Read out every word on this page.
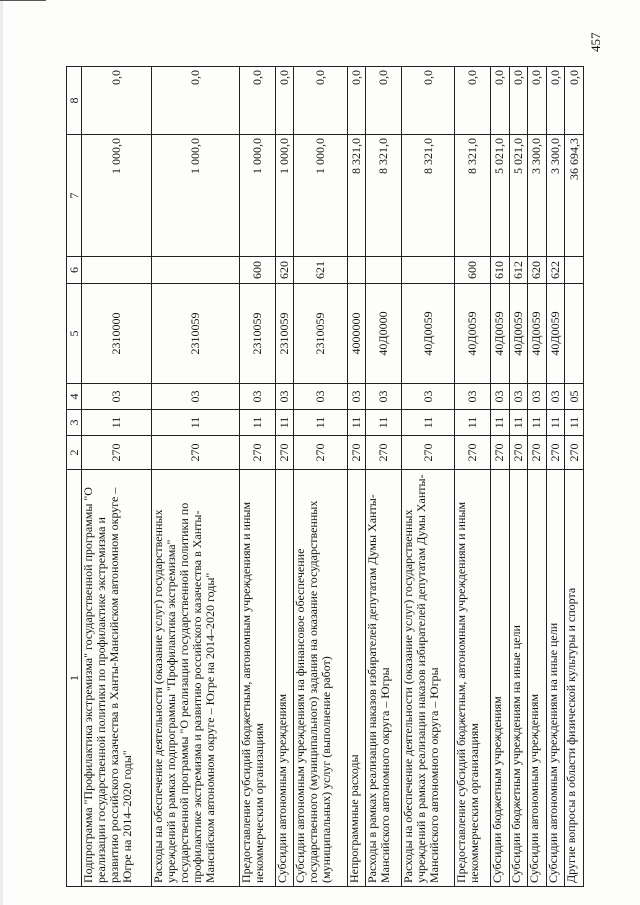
457
1	2	3	4	5	6	7	8
Подпрограмма "Профилактика экстремизма" государственной программы "О реализации государственной политики по профилактике экстремизма и развитию российского казачества в Ханты-Мансийском автономном округе – Югре на 2014–2020 годы"	270	11	03	2310000		1 000,0	0,0
Расходы на обеспечение деятельности (оказание услуг) государственных учреждений в рамках подпрограммы "Профилактика экстремизма" государственной программы "О реализации государственной политики по профилактике экстремизма и развитию российского казачества в Ханты-Мансийском автономном округе – Югре на 2014–2020 годы"	270	11	03	2310059		1 000,0	0,0
Предоставление субсидий бюджетным, автономным учреждениям и иным некоммерческим организациям	270	11	03	2310059	600	1 000,0	0,0
Субсидии автономным учреждениям	270	11	03	2310059	620	1 000,0	0,0
Субсидии автономным учреждениям на финансовое обеспечение государственного (муниципального) задания на оказание государственных (муниципальных) услуг (выполнение работ)	270	11	03	2310059	621	1 000,0	0,0
Непрограммные расходы	270	11	03	4000000		8 321,0	0,0
Расходы в рамках реализации наказов избирателей депутатам Думы Ханты-Мансийского автономного округа – Югры	270	11	03	40Д0000		8 321,0	0,0
Расходы на обеспечение деятельности (оказание услуг) государственных учреждений в рамках реализации наказов избирателей депутатам Думы Ханты-Мансийского автономного округа – Югры	270	11	03	40Д0059		8 321,0	0,0
Предоставление субсидий бюджетным, автономным учреждениям и иным некоммерческим организациям	270	11	03	40Д0059	600	8 321,0	0,0
Субсидии бюджетным учреждениям	270	11	03	40Д0059	610	5 021,0	0,0
Субсидии бюджетным учреждениям на иные цели	270	11	03	40Д0059	612	5 021,0	0,0
Субсидии автономным учреждениям	270	11	03	40Д0059	620	3 300,0	0,0
Субсидии автономным учреждениям на иные цели	270	11	03	40Д0059	622	3 300,0	0,0
Другие вопросы в области физической культуры и спорта	270	11	05			36 694,3	0,0
